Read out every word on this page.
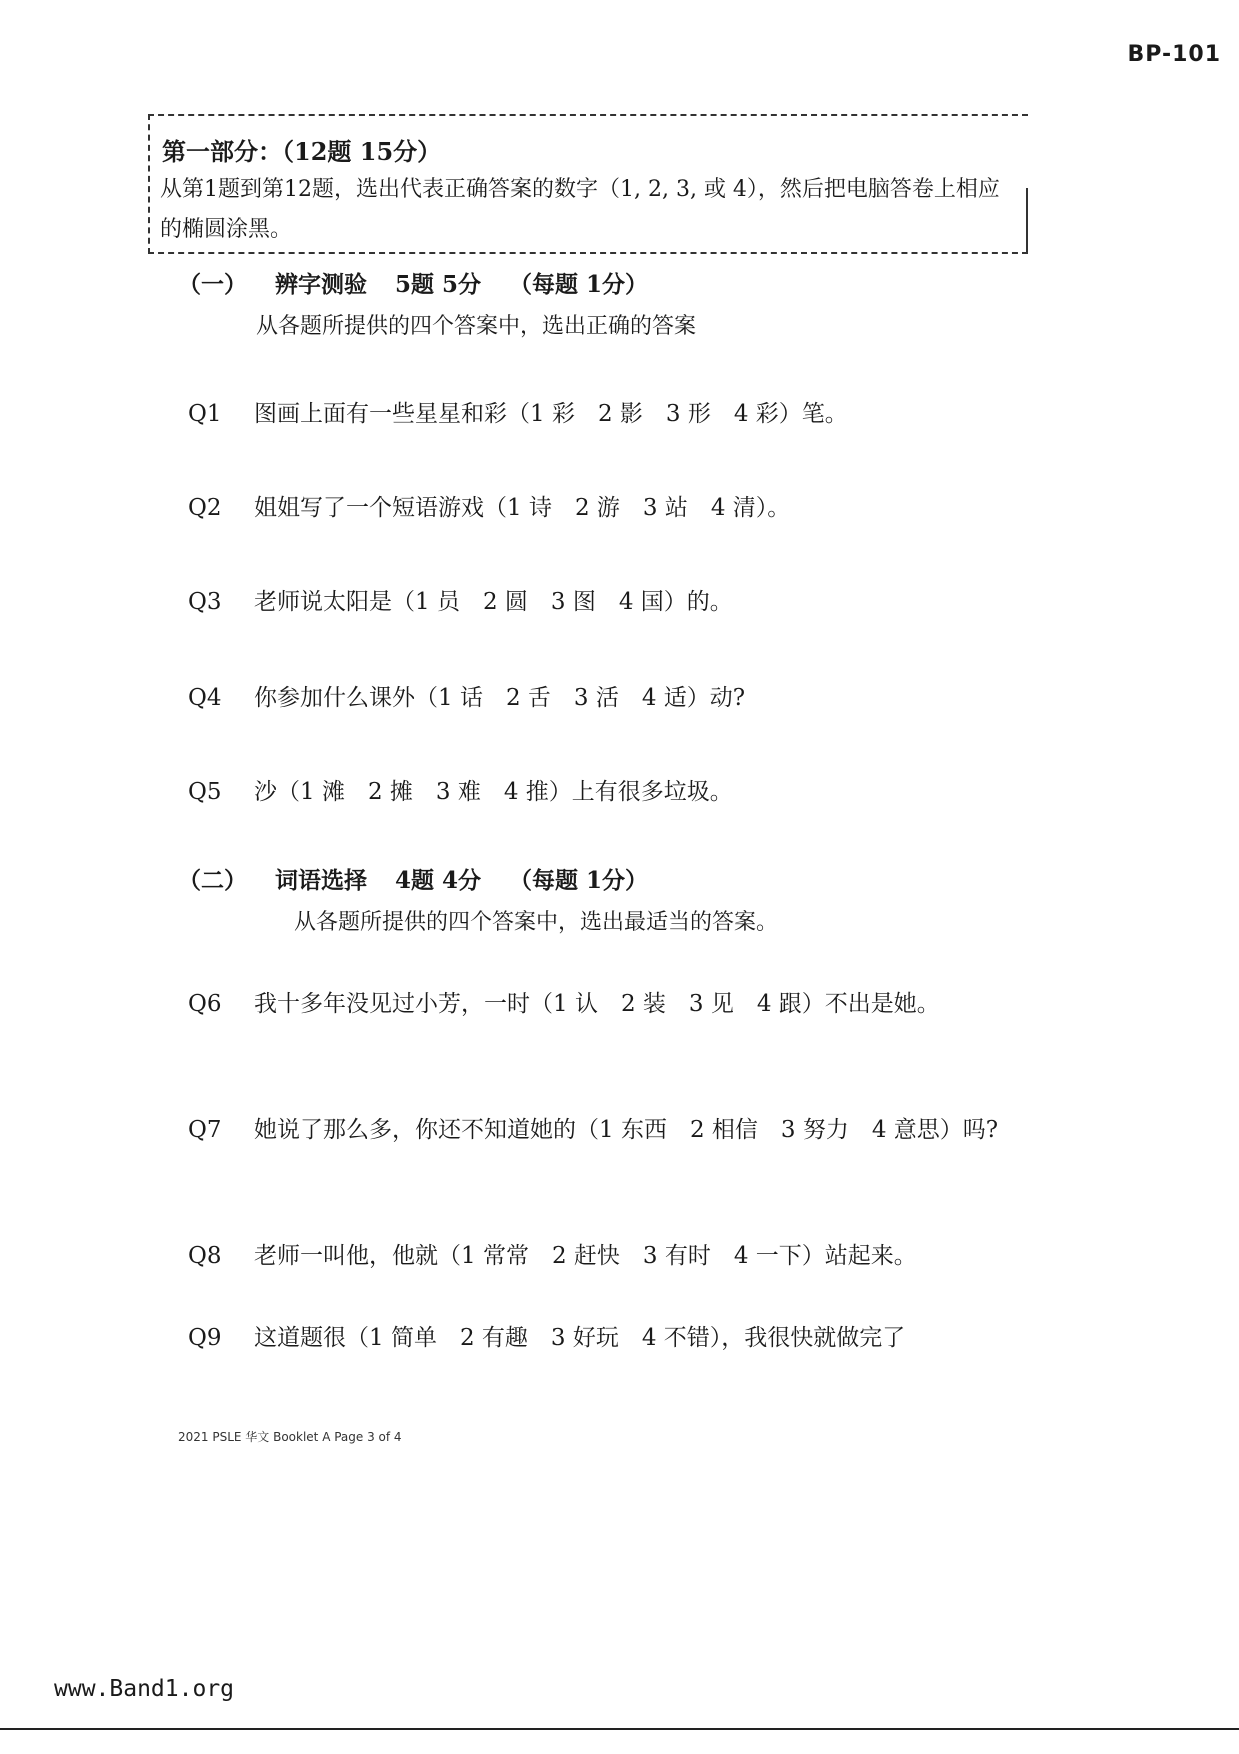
BP-101
第一部分：（12题 15分）
从第1题到第12题，选出代表正确答案的数字（1, 2, 3, 或 4），然后把电脑答卷上相应的椭圆涂黑。
（一） 辨字测验 5题 5分 （每题 1分）
从各题所提供的四个答案中，选出正确的答案
Q1	图画上面有一些星星和彩（1 彩　2 影　3 形　4 彩）笔。
Q2	姐姐写了一个短语游戏（1 诗　2 游　3 站　4 清）。
Q3	老师说太阳是（1 员　2 圆　3 图　4 国）的。
Q4	你参加什么课外（1 话　2 舌　3 活　4 适）动?
Q5	沙（1 滩　2 摊　3 难　4 推）上有很多垃圾。
（二） 词语选择 4题 4分 （每题 1分）
从各题所提供的四个答案中，选出最适当的答案。
Q6	我十多年没见过小芳，一时（1 认　2 装　3 见　4 跟）不出是她。
Q7	她说了那么多，你还不知道她的（1 东西　2 相信　3 努力　4 意思）吗?
Q8	老师一叫他，他就（1 常常　2 赶快　3 有时　4 一下）站起来。
Q9	这道题很（1 简单　2 有趣　3 好玩　4 不错），我很快就做完了
2021 PSLE 华文 Booklet A Page 3 of 4
www.Band1.org
